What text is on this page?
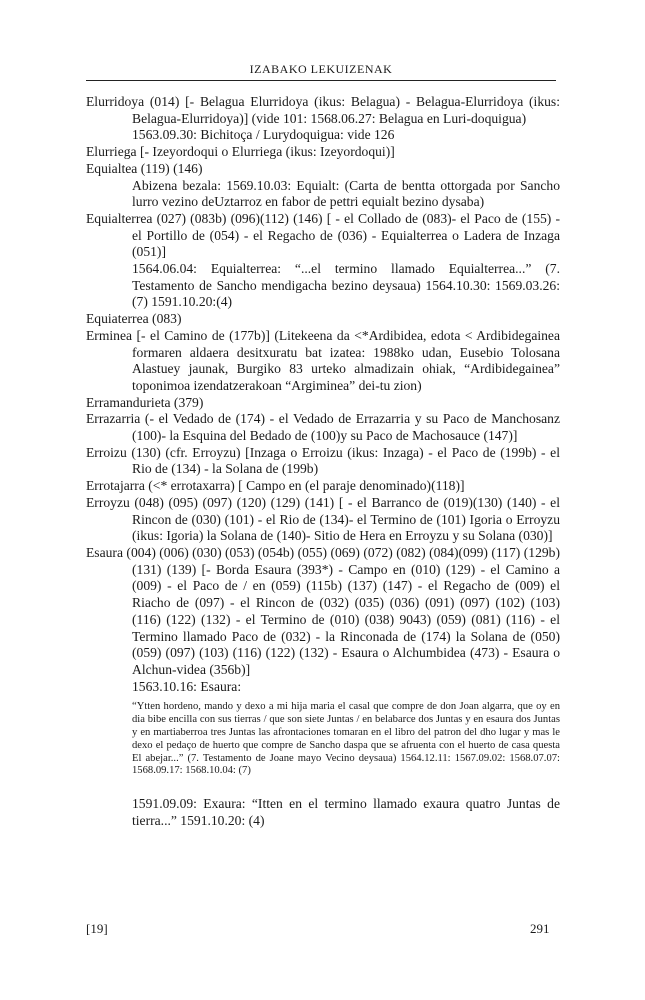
IZABAKO LEKUIZENAK

Elurridoya (014) [- Belagua Elurridoya (ikus: Belagua) - Belagua-Elurridoya (ikus: Belagua-Elurridoya)] (vide 101: 1568.06.27: Belagua en Luri-doquigua)

1563.09.30: Bichitoça / Lurydoquigua: vide 126

Elurriega [- Izeyordoqui o Elurriega (ikus: Izeyordoqui)]

Equialtea (119) (146)

Abizena bezala: 1569.10.03: Equialt: (Carta de bentta ottorgada por Sancho lurro vezino deUztarroz en fabor de pettri equialt bezino dysaba)

Equialterrea (027) (083b) (096)(112) (146) [ - el Collado de (083)- el Paco de (155) - el Portillo de (054) - el Regacho de (036) - Equialterrea o Ladera de Inzaga (051)]

1564.06.04: Equialterrea: “...el termino llamado Equialterrea...” (7. Testamento de Sancho mendigacha bezino deysaua) 1564.10.30: 1569.03.26: (7) 1591.10.20:(4)

Equiaterrea (083)

Erminea [- el Camino de (177b)] (Litekeena da <*Ardibidea, edota < Ardibidegainea formaren aldaera desitxuratu bat izatea: 1988ko udan, Eusebio Tolosana Alastuey jaunak, Burgiko 83 urteko almadizain ohiak, “Ardibidegainea” toponimoa izendatzerakoan “Argiminea” dei-tu zion)

Erramandurieta (379)

Errazarria (- el Vedado de (174) - el Vedado de Errazarria y su Paco de Manchosanz (100)- la Esquina del Bedado de (100)y su Paco de Machosauce (147)]

Erroizu (130) (cfr. Erroyzu) [Inzaga o Erroizu (ikus: Inzaga) - el Paco de (199b) - el Rio de (134) - la Solana de (199b)

Errotajarra (<* errotaxarra) [ Campo en (el paraje denominado)(118)]

Erroyzu (048) (095) (097) (120) (129) (141) [ - el Barranco de (019)(130) (140) - el Rincon de (030) (101) - el Rio de (134)- el Termino de (101) Igoria o Erroyzu (ikus: Igoria) la Solana de (140)- Sitio de Hera en Erroyzu y su Solana (030)]

Esaura (004) (006) (030) (053) (054b) (055) (069) (072) (082) (084)(099) (117) (129b) (131) (139) [- Borda Esaura (393*) - Campo en (010) (129) - el Camino a (009) - el Paco de / en (059) (115b) (137) (147) - el Regacho de (009) el Riacho de (097) - el Rincon de (032) (035) (036) (091) (097) (102) (103) (116) (122) (132) - el Termino de (010) (038) 9043) (059) (081) (116) - el Termino llamado Paco de (032) - la Rinconada de (174) la Solana de (050) (059) (097) (103) (116) (122) (132) - Esaura o Alchumbidea (473) - Esaura o Alchun-videa (356b)]

1563.10.16: Esaura:

“Ytten hordeno, mando y dexo a mi hija maria el casal que compre de don Joan algarra, que oy en dia bibe encilla con sus tierras / que son siete Juntas / en belabarce dos Juntas y en esaura dos Juntas y en martiaberroa tres Juntas las afrontaciones tomaran en el libro del patron del dho lugar y mas le dexo el pedaço de huerto que compre de Sancho daspa que se afruenta con el huerto de casa questa El abejar...” (7. Testamento de Joane mayo Vecino deysaua) 1564.12.11: 1567.09.02: 1568.07.07: 1568.09.17: 1568.10.04: (7)

1591.09.09: Exaura: “Itten en el termino llamado exaura quatro Juntas de tierra...” 1591.10.20: (4)

[19]	291
